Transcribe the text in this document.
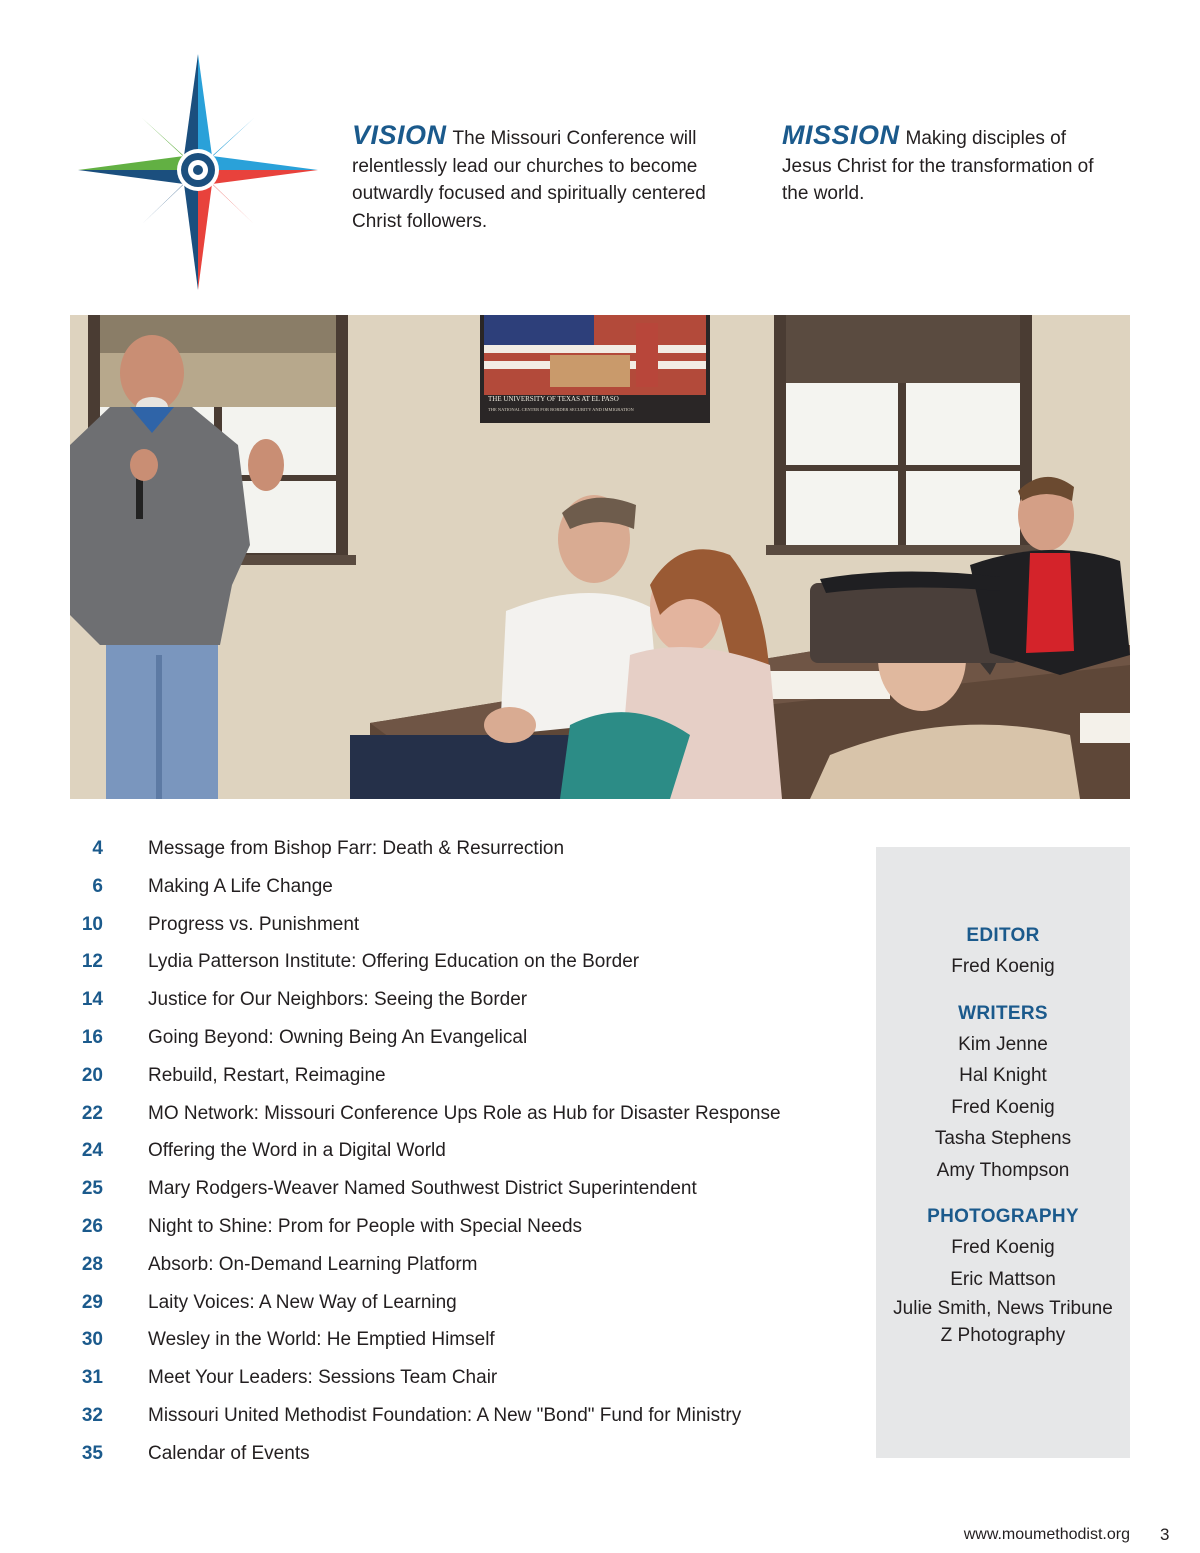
VISION The Missouri Conference will relentlessly lead our churches to become outwardly focused and spiritually centered Christ followers.
MISSION Making disciples of Jesus Christ for the transformation of the world.
THE UNIVERSITY OF TEXAS AT EL PASO
THE NATIONAL CENTER FOR BORDER SECURITY AND IMMIGRATION
4 Message from Bishop Farr: Death & Resurrection
6 Making A Life Change
10 Progress vs. Punishment
12 Lydia Patterson Institute: Offering Education on the Border
14 Justice for Our Neighbors: Seeing the Border
16 Going Beyond: Owning Being An Evangelical
20 Rebuild, Restart, Reimagine
22 MO Network: Missouri Conference Ups Role as Hub for Disaster Response
24 Offering the Word in a Digital World
25 Mary Rodgers-Weaver Named Southwest District Superintendent
26 Night to Shine: Prom for People with Special Needs
28 Absorb: On-Demand Learning Platform
29 Laity Voices: A New Way of Learning
30 Wesley in the World: He Emptied Himself
31 Meet Your Leaders: Sessions Team Chair
32 Missouri United Methodist Foundation: A New "Bond" Fund for Ministry
35 Calendar of Events
EDITOR
Fred Koenig
WRITERS
Kim Jenne
Hal Knight
Fred Koenig
Tasha Stephens
Amy Thompson
PHOTOGRAPHY
Fred Koenig
Eric Mattson
Julie Smith, News Tribune
Z Photography
www.moumethodist.org 3
